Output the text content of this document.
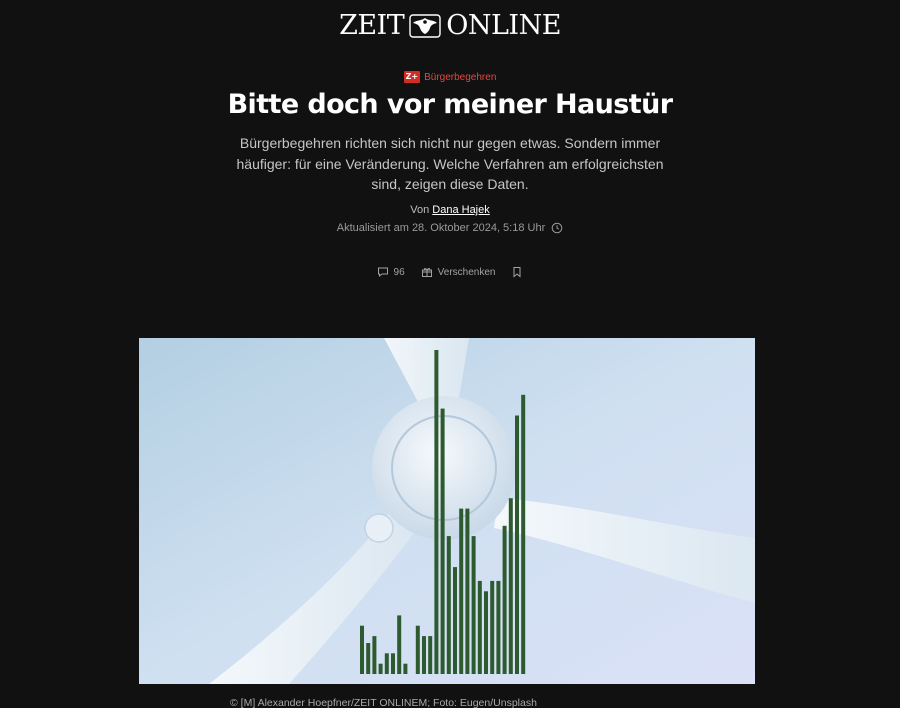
ZEIT ONLINE
Z+ Bürgerbegehren
Bitte doch vor meiner Haustür

Bürgerbegehren richten sich nicht nur gegen etwas. Sondern immer häufiger: für eine Veränderung. Welche Verfahren am erfolgreichsten sind, zeigen diese Daten.

Von Dana Hajek
Aktualisiert am 28. Oktober 2024, 5:18 Uhr
96	Verschenken
© [M] Alexander Hoepfner/ZEIT ONLINEM; Foto: Eugen/Unsplash
